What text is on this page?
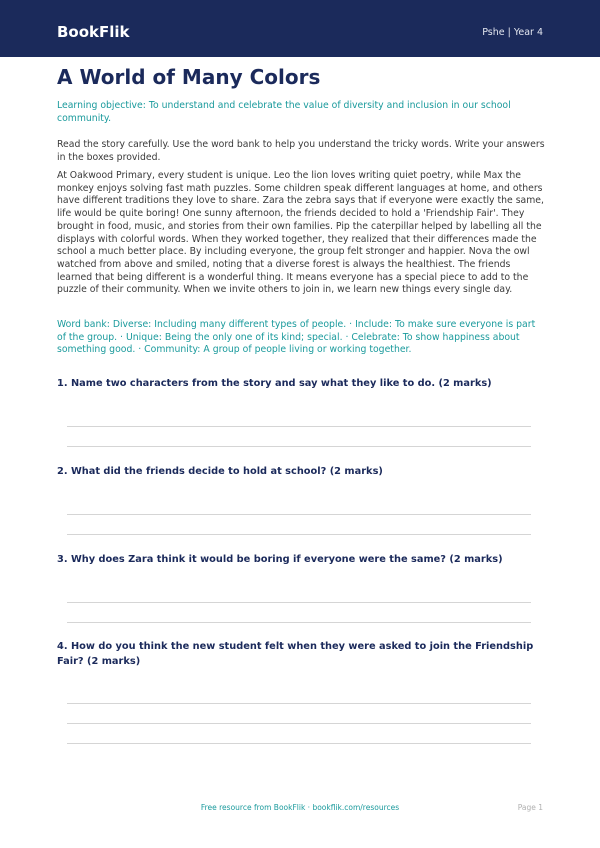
BookFlik	Pshe | Year 4
A World of Many Colors

Learning objective: To understand and celebrate the value of diversity and inclusion in our school community.

Read the story carefully. Use the word bank to help you understand the tricky words. Write your answers in the boxes provided.

At Oakwood Primary, every student is unique. Leo the lion loves writing quiet poetry, while Max the monkey enjoys solving fast math puzzles. Some children speak different languages at home, and others have different traditions they love to share. Zara the zebra says that if everyone were exactly the same, life would be quite boring! One sunny afternoon, the friends decided to hold a 'Friendship Fair'. They brought in food, music, and stories from their own families. Pip the caterpillar helped by labelling all the displays with colorful words. When they worked together, they realized that their differences made the school a much better place. By including everyone, the group felt stronger and happier. Nova the owl watched from above and smiled, noting that a diverse forest is always the healthiest. The friends learned that being different is a wonderful thing. It means everyone has a special piece to add to the puzzle of their community. When we invite others to join in, we learn new things every single day.

Word bank: Diverse: Including many different types of people. · Include: To make sure everyone is part of the group. · Unique: Being the only one of its kind; special. · Celebrate: To show happiness about something good. · Community: A group of people living or working together.

1. Name two characters from the story and say what they like to do. (2 marks)

2. What did the friends decide to hold at school? (2 marks)

3. Why does Zara think it would be boring if everyone were the same? (2 marks)

4. How do you think the new student felt when they were asked to join the Friendship Fair? (2 marks)

Free resource from BookFlik · bookflik.com/resources	Page 1
